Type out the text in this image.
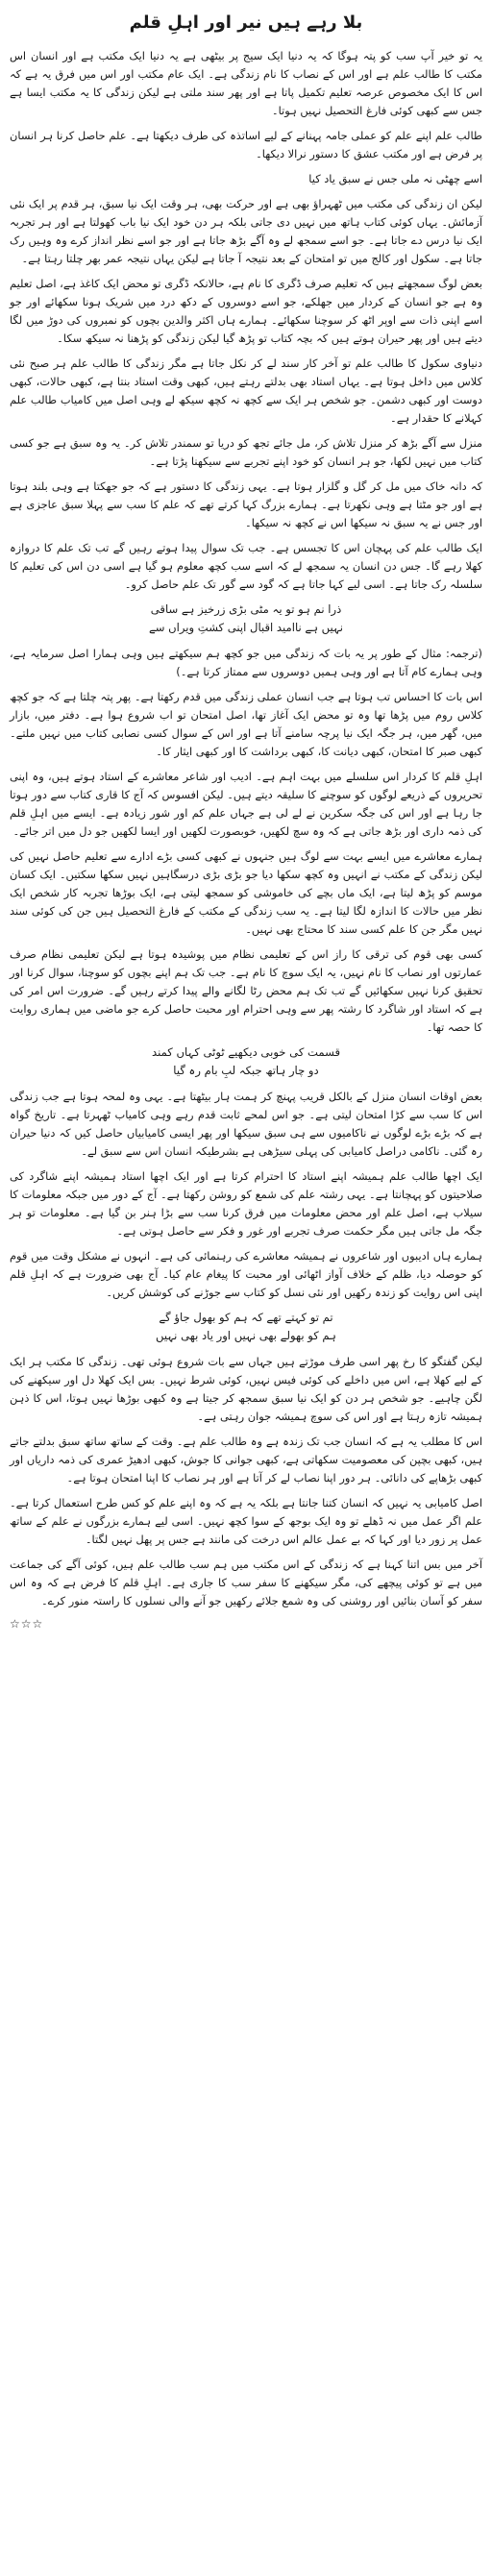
بلا رہے ہیں نیر اور اہلِ قلم

یہ تو خیر آپ سب کو پتہ ہوگا کہ یہ دنیا ایک سیج پر بیٹھی ہے یہ دنیا ایک مکتب ہے اور انسان اس مکتب کا طالب علم ہے اور اس کے نصاب کا نام زندگی ہے۔ ایک عام مکتب اور اس میں فرق یہ ہے کہ اس کا ایک مخصوص عرصہ تعلیم تکمیل پاتا ہے اور پھر سند ملتی ہے لیکن زندگی کا یہ مکتب ایسا ہے جس سے کبھی کوئی فارغ التحصیل نہیں ہوتا۔

طالب علم اپنے علم کو عملی جامہ پہنانے کے لیے اساتذہ کی طرف دیکھتا ہے۔ علم حاصل کرنا ہر انسان پر فرض ہے اور مکتب عشق کا دستور نرالا دیکھا۔

اسے چھٹی نہ ملی جس نے سبق یاد کیا

لیکن ان زندگی کی مکتب میں ٹھہراؤ بھی ہے اور حرکت بھی، ہر وقت ایک نیا سبق، ہر قدم پر ایک نئی آزمائش۔ یہاں کوئی کتاب ہاتھ میں نہیں دی جاتی بلکہ ہر دن خود ایک نیا باب کھولتا ہے اور ہر تجربہ ایک نیا درس دے جاتا ہے۔ جو اسے سمجھ لے وہ آگے بڑھ جاتا ہے اور جو اسے نظر انداز کرے وہ وہیں رک جاتا ہے۔ سکول اور کالج میں تو امتحان کے بعد نتیجہ آ جاتا ہے لیکن یہاں نتیجہ عمر بھر چلتا رہتا ہے۔

بعض لوگ سمجھتے ہیں کہ تعلیم صرف ڈگری کا نام ہے، حالانکہ ڈگری تو محض ایک کاغذ ہے، اصل تعلیم وہ ہے جو انسان کے کردار میں جھلکے، جو اسے دوسروں کے دکھ درد میں شریک ہونا سکھائے اور جو اسے اپنی ذات سے اوپر اٹھ کر سوچنا سکھائے۔ ہمارے ہاں اکثر والدین بچوں کو نمبروں کی دوڑ میں لگا دیتے ہیں اور پھر حیران ہوتے ہیں کہ بچہ کتاب تو پڑھ گیا لیکن زندگی کو پڑھنا نہ سیکھ سکا۔

دنیاوی سکول کا طالب علم تو آخر کار سند لے کر نکل جاتا ہے مگر زندگی کا طالب علم ہر صبح نئی کلاس میں داخل ہوتا ہے۔ یہاں استاد بھی بدلتے رہتے ہیں، کبھی وقت استاد بنتا ہے، کبھی حالات، کبھی دوست اور کبھی دشمن۔ جو شخص ہر ایک سے کچھ نہ کچھ سیکھ لے وہی اصل میں کامیاب طالب علم کہلانے کا حقدار ہے۔

منزل سے آگے بڑھ کر منزل تلاش کر، مل جائے تجھ کو دریا تو سمندر تلاش کر۔ یہ وہ سبق ہے جو کسی کتاب میں نہیں لکھا، جو ہر انسان کو خود اپنے تجربے سے سیکھنا پڑتا ہے۔

کہ دانہ خاک میں مل کر گل و گلزار ہوتا ہے۔ یہی زندگی کا دستور ہے کہ جو جھکتا ہے وہی بلند ہوتا ہے اور جو مٹتا ہے وہی نکھرتا ہے۔ ہمارے بزرگ کہا کرتے تھے کہ علم کا سب سے پہلا سبق عاجزی ہے اور جس نے یہ سبق نہ سیکھا اس نے کچھ نہ سیکھا۔

ایک طالب علم کی پہچان اس کا تجسس ہے۔ جب تک سوال پیدا ہوتے رہیں گے تب تک علم کا دروازہ کھلا رہے گا۔ جس دن انسان یہ سمجھ لے کہ اسے سب کچھ معلوم ہو گیا ہے اسی دن اس کی تعلیم کا سلسلہ رک جاتا ہے۔ اسی لیے کہا جاتا ہے کہ گود سے گور تک علم حاصل کرو۔

ذرا نم ہو تو یہ مٹی بڑی زرخیز ہے ساقی
نہیں ہے ناامید اقبال اپنی کشتِ ویراں سے

(ترجمہ: مثال کے طور پر یہ بات کہ زندگی میں جو کچھ ہم سیکھتے ہیں وہی ہمارا اصل سرمایہ ہے، وہی ہمارے کام آتا ہے اور وہی ہمیں دوسروں سے ممتاز کرتا ہے۔)

اس بات کا احساس تب ہوتا ہے جب انسان عملی زندگی میں قدم رکھتا ہے۔ پھر پتہ چلتا ہے کہ جو کچھ کلاس روم میں پڑھا تھا وہ تو محض ایک آغاز تھا، اصل امتحان تو اب شروع ہوا ہے۔ دفتر میں، بازار میں، گھر میں، ہر جگہ ایک نیا پرچہ سامنے آتا ہے اور اس کے سوال کسی نصابی کتاب میں نہیں ملتے۔ کبھی صبر کا امتحان، کبھی دیانت کا، کبھی برداشت کا اور کبھی ایثار کا۔

اہلِ قلم کا کردار اس سلسلے میں بہت اہم ہے۔ ادیب اور شاعر معاشرے کے استاد ہوتے ہیں، وہ اپنی تحریروں کے ذریعے لوگوں کو سوچنے کا سلیقہ دیتے ہیں۔ لیکن افسوس کہ آج کا قاری کتاب سے دور ہوتا جا رہا ہے اور اس کی جگہ سکرین نے لے لی ہے جہاں علم کم اور شور زیادہ ہے۔ ایسے میں اہلِ قلم کی ذمہ داری اور بڑھ جاتی ہے کہ وہ سچ لکھیں، خوبصورت لکھیں اور ایسا لکھیں جو دل میں اتر جائے۔

ہمارے معاشرے میں ایسے بہت سے لوگ ہیں جنہوں نے کبھی کسی بڑے ادارے سے تعلیم حاصل نہیں کی لیکن زندگی کے مکتب نے انہیں وہ کچھ سکھا دیا جو بڑی بڑی درسگاہیں نہیں سکھا سکتیں۔ ایک کسان موسم کو پڑھ لیتا ہے، ایک ماں بچے کی خاموشی کو سمجھ لیتی ہے، ایک بوڑھا تجربہ کار شخص ایک نظر میں حالات کا اندازہ لگا لیتا ہے۔ یہ سب زندگی کے مکتب کے فارغ التحصیل ہیں جن کی کوئی سند نہیں مگر جن کا علم کسی سند کا محتاج بھی نہیں۔

کسی بھی قوم کی ترقی کا راز اس کے تعلیمی نظام میں پوشیدہ ہوتا ہے لیکن تعلیمی نظام صرف عمارتوں اور نصاب کا نام نہیں، یہ ایک سوچ کا نام ہے۔ جب تک ہم اپنے بچوں کو سوچنا، سوال کرنا اور تحقیق کرنا نہیں سکھائیں گے تب تک ہم محض رٹا لگانے والے پیدا کرتے رہیں گے۔ ضرورت اس امر کی ہے کہ استاد اور شاگرد کا رشتہ پھر سے وہی احترام اور محبت حاصل کرے جو ماضی میں ہماری روایت کا حصہ تھا۔

قسمت کی خوبی دیکھیے ٹوٹی کہاں کمند
دو چار ہاتھ جبکہ لبِ بام رہ گیا

بعض اوقات انسان منزل کے بالکل قریب پہنچ کر ہمت ہار بیٹھتا ہے۔ یہی وہ لمحہ ہوتا ہے جب زندگی اس کا سب سے کڑا امتحان لیتی ہے۔ جو اس لمحے ثابت قدم رہے وہی کامیاب ٹھہرتا ہے۔ تاریخ گواہ ہے کہ بڑے بڑے لوگوں نے ناکامیوں سے ہی سبق سیکھا اور پھر ایسی کامیابیاں حاصل کیں کہ دنیا حیران رہ گئی۔ ناکامی دراصل کامیابی کی پہلی سیڑھی ہے بشرطیکہ انسان اس سے سبق لے۔

ایک اچھا طالب علم ہمیشہ اپنے استاد کا احترام کرتا ہے اور ایک اچھا استاد ہمیشہ اپنے شاگرد کی صلاحیتوں کو پہچانتا ہے۔ یہی رشتہ علم کی شمع کو روشن رکھتا ہے۔ آج کے دور میں جبکہ معلومات کا سیلاب ہے، اصل علم اور محض معلومات میں فرق کرنا سب سے بڑا ہنر بن گیا ہے۔ معلومات تو ہر جگہ مل جاتی ہیں مگر حکمت صرف تجربے اور غور و فکر سے حاصل ہوتی ہے۔

ہمارے ہاں ادیبوں اور شاعروں نے ہمیشہ معاشرے کی رہنمائی کی ہے۔ انہوں نے مشکل وقت میں قوم کو حوصلہ دیا، ظلم کے خلاف آواز اٹھائی اور محبت کا پیغام عام کیا۔ آج بھی ضرورت ہے کہ اہلِ قلم اپنی اس روایت کو زندہ رکھیں اور نئی نسل کو کتاب سے جوڑنے کی کوشش کریں۔

تم تو کہتے تھے کہ ہم کو بھول جاؤ گے
ہم کو بھولے بھی نہیں اور یاد بھی نہیں

لیکن گفتگو کا رخ پھر اسی طرف موڑتے ہیں جہاں سے بات شروع ہوئی تھی۔ زندگی کا مکتب ہر ایک کے لیے کھلا ہے، اس میں داخلے کی کوئی فیس نہیں، کوئی شرط نہیں۔ بس ایک کھلا دل اور سیکھنے کی لگن چاہیے۔ جو شخص ہر دن کو ایک نیا سبق سمجھ کر جیتا ہے وہ کبھی بوڑھا نہیں ہوتا، اس کا ذہن ہمیشہ تازہ رہتا ہے اور اس کی سوچ ہمیشہ جوان رہتی ہے۔

اس کا مطلب یہ ہے کہ انسان جب تک زندہ ہے وہ طالب علم ہے۔ وقت کے ساتھ ساتھ سبق بدلتے جاتے ہیں، کبھی بچپن کی معصومیت سکھاتی ہے، کبھی جوانی کا جوش، کبھی ادھیڑ عمری کی ذمہ داریاں اور کبھی بڑھاپے کی دانائی۔ ہر دور اپنا نصاب لے کر آتا ہے اور ہر نصاب کا اپنا امتحان ہوتا ہے۔

اصل کامیابی یہ نہیں کہ انسان کتنا جانتا ہے بلکہ یہ ہے کہ وہ اپنے علم کو کس طرح استعمال کرتا ہے۔ علم اگر عمل میں نہ ڈھلے تو وہ ایک بوجھ کے سوا کچھ نہیں۔ اسی لیے ہمارے بزرگوں نے علم کے ساتھ عمل پر زور دیا اور کہا کہ بے عمل عالم اس درخت کی مانند ہے جس پر پھل نہیں لگتا۔

آخر میں بس اتنا کہنا ہے کہ زندگی کے اس مکتب میں ہم سب طالب علم ہیں، کوئی آگے کی جماعت میں ہے تو کوئی پیچھے کی، مگر سیکھنے کا سفر سب کا جاری ہے۔ اہلِ قلم کا فرض ہے کہ وہ اس سفر کو آسان بنائیں اور روشنی کی وہ شمع جلائے رکھیں جو آنے والی نسلوں کا راستہ منور کرے۔

☆☆☆
